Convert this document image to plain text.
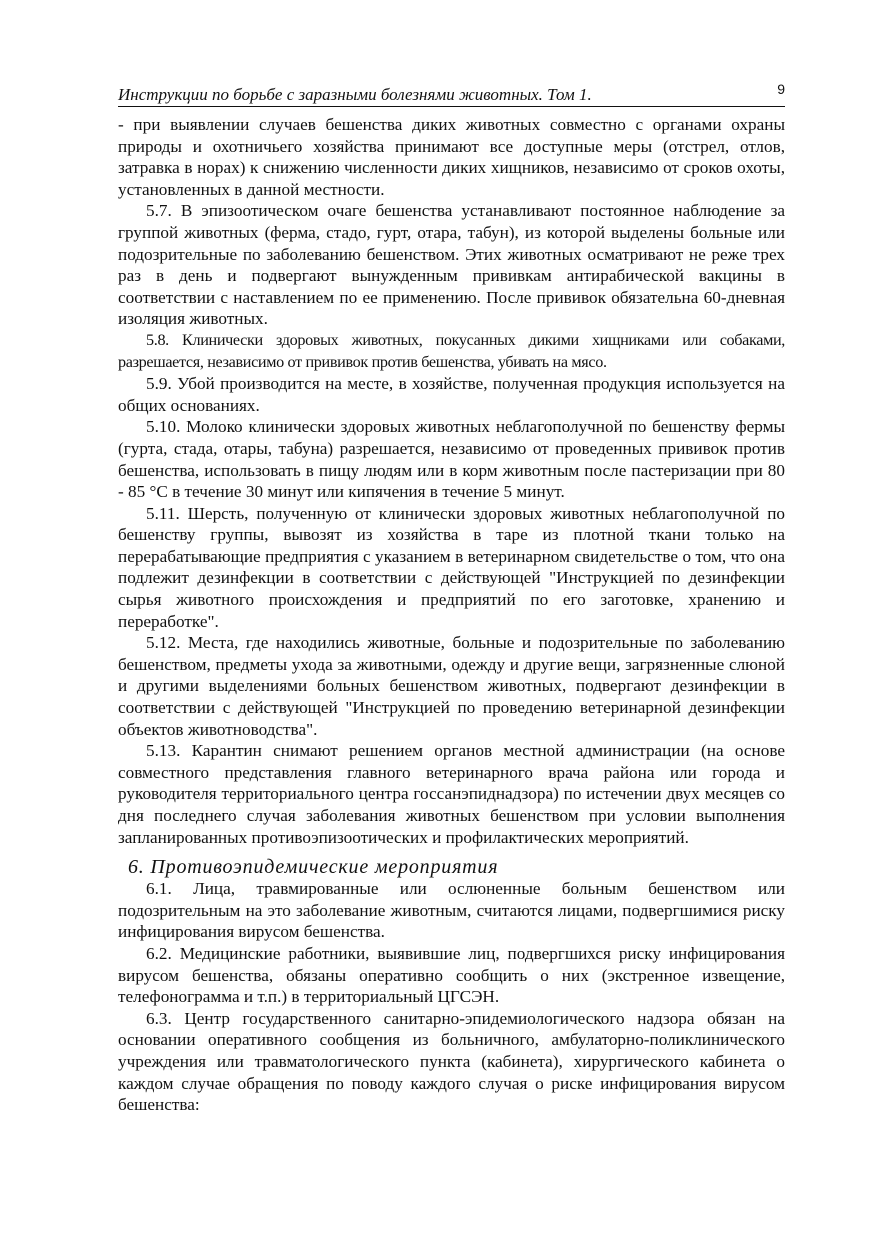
Инструкции по борьбе с заразными болезнями животных. Том 1.	9

- при выявлении случаев бешенства диких животных совместно с органами охраны природы и охотничьего хозяйства принимают все доступные меры (отстрел, отлов, затравка в норах) к снижению численности диких хищников, независимо от сроков охоты, установленных в данной местности.

5.7. В эпизоотическом очаге бешенства устанавливают постоянное наблюдение за группой животных (ферма, стадо, гурт, отара, табун), из которой выделены больные или подозрительные по заболеванию бешенством. Этих животных осматривают не реже трех раз в день и подвергают вынужденным прививкам антирабической вакцины в соответствии с наставлением по ее применению. После прививок обязательна 60-дневная изоляция животных.

5.8. Клинически здоровых животных, покусанных дикими хищниками или собаками, разрешается, независимо от прививок против бешенства, убивать на мясо.

5.9. Убой производится на месте, в хозяйстве, полученная продукция используется на общих основаниях.

5.10. Молоко клинически здоровых животных неблагополучной по бешенству фермы (гурта, стада, отары, табуна) разрешается, независимо от проведенных прививок против бешенства, использовать в пищу людям или в корм животным после пастеризации при 80 - 85 °С в течение 30 минут или кипячения в течение 5 минут.

5.11. Шерсть, полученную от клинически здоровых животных неблагополучной по бешенству группы, вывозят из хозяйства в таре из плотной ткани только на перерабатывающие предприятия с указанием в ветеринарном свидетельстве о том, что она подлежит дезинфекции в соответствии с действующей "Инструкцией по дезинфекции сырья животного происхождения и предприятий по его заготовке, хранению и переработке".

5.12. Места, где находились животные, больные и подозрительные по заболеванию бешенством, предметы ухода за животными, одежду и другие вещи, загрязненные слюной и другими выделениями больных бешенством животных, подвергают дезинфекции в соответствии с действующей "Инструкцией по проведению ветеринарной дезинфекции объектов животноводства".

5.13. Карантин снимают решением органов местной администрации (на основе совместного представления главного ветеринарного врача района или города и руководителя территориального центра госсанэпиднадзора) по истечении двух месяцев со дня последнего случая заболевания животных бешенством при условии выполнения запланированных противоэпизоотических и профилактических мероприятий.

6. Противоэпидемические мероприятия

6.1. Лица, травмированные или ослюненные больным бешенством или подозрительным на это заболевание животным, считаются лицами, подвергшимися риску инфицирования вирусом бешенства.

6.2. Медицинские работники, выявившие лиц, подвергшихся риску инфицирования вирусом бешенства, обязаны оперативно сообщить о них (экстренное извещение, телефонограмма и т.п.) в территориальный ЦГСЭН.

6.3. Центр государственного санитарно-эпидемиологического надзора обязан на основании оперативного сообщения из больничного, амбулаторно-поликлинического учреждения или травматологического пункта (кабинета), хирургического кабинета о каждом случае обращения по поводу каждого случая о риске инфицирования вирусом бешенства:
